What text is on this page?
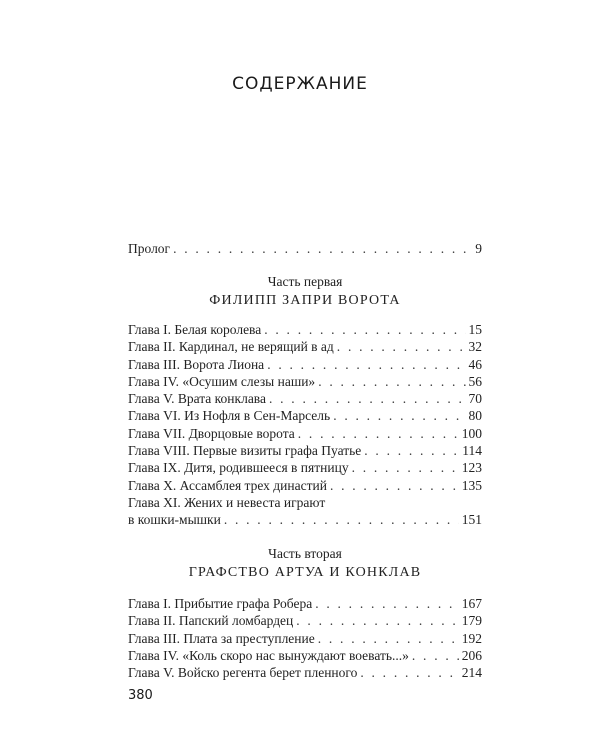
СОДЕРЖАНИЕ
Пролог . . .	9
Часть первая
ФИЛИПП ЗАПРИ ВОРОТА
Глава I. Белая королева . . .	15
Глава II. Кардинал, не верящий в ад . . .	32
Глава III. Ворота Лиона . . .	46
Глава IV. «Осушим слезы наши» . . .	56
Глава V. Врата конклава . . .	70
Глава VI. Из Нофля в Сен-Марсель . . .	80
Глава VII. Дворцовые ворота . . .	100
Глава VIII. Первые визиты графа Пуатье . . .	114
Глава IX. Дитя, родившееся в пятницу . . .	123
Глава X. Ассамблея трех династий . . .	135
Глава XI. Жених и невеста играют
в кошки-мышки . . .	151
Часть вторая
ГРАФСТВО АРТУА И КОНКЛАВ
Глава I. Прибытие графа Робера . . .	167
Глава II. Папский ломбардец . . .	179
Глава III. Плата за преступление . . .	192
Глава IV. «Коль скоро нас вынуждают воевать...» . . .	206
Глава V. Войско регента берет пленного . . .	214
380
